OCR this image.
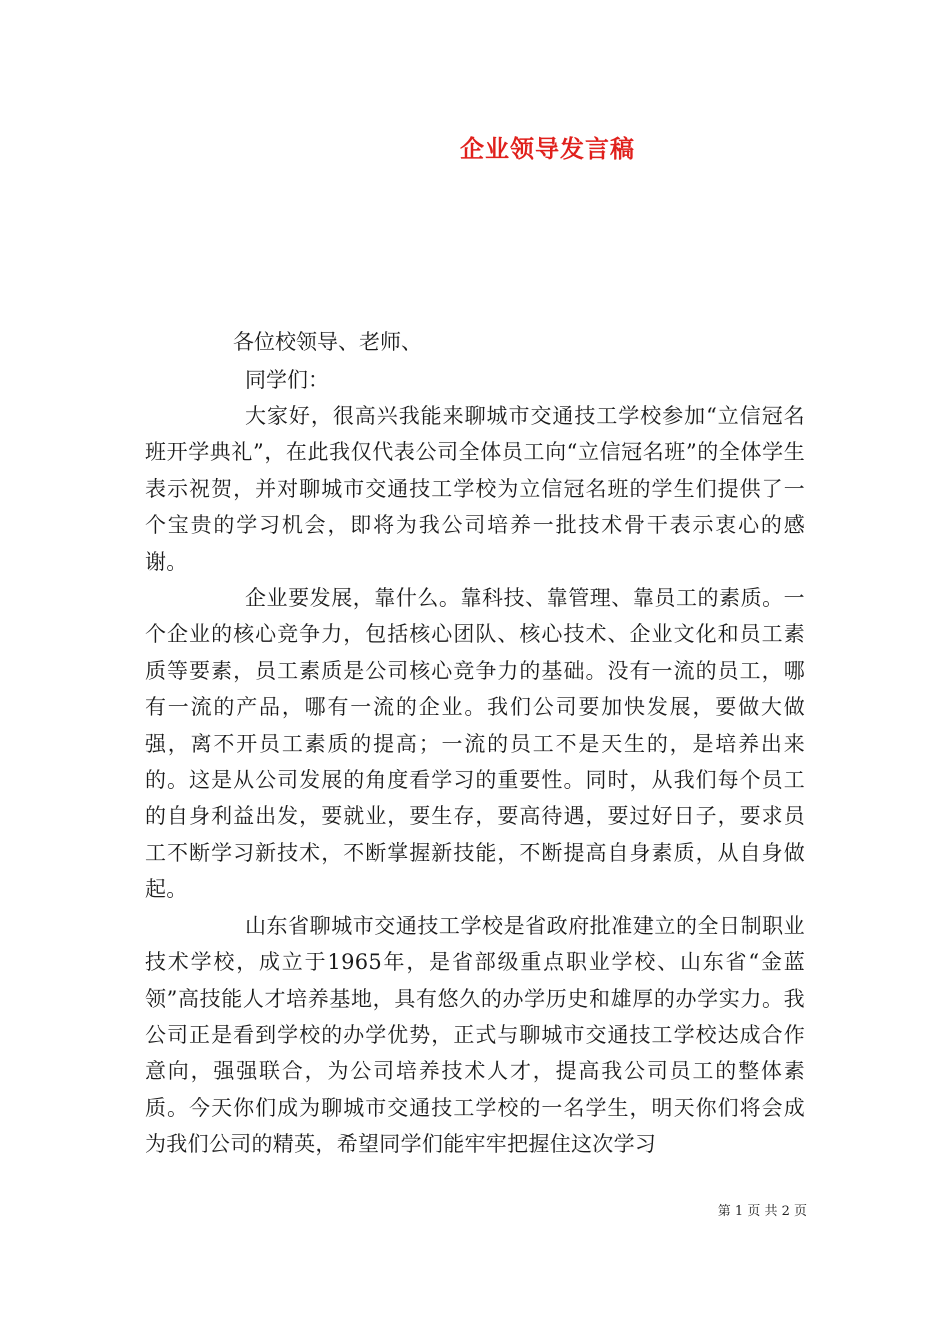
企业领导发言稿
各位校领导、老师、
同学们：

大家好，很高兴我能来聊城市交通技工学校参加“立信冠名班开学典礼”，在此我仅代表公司全体员工向“立信冠名班”的全体学生表示祝贺，并对聊城市交通技工学校为立信冠名班的学生们提供了一个宝贵的学习机会，即将为我公司培养一批技术骨干表示衷心的感谢。

企业要发展，靠什么。靠科技、靠管理、靠员工的素质。一个企业的核心竞争力，包括核心团队、核心技术、企业文化和员工素质等要素，员工素质是公司核心竞争力的基础。没有一流的员工，哪有一流的产品，哪有一流的企业。我们公司要加快发展，要做大做强，离不开员工素质的提高；一流的员工不是天生的，是培养出来的。这是从公司发展的角度看学习的重要性。同时，从我们每个员工的自身利益出发，要就业，要生存，要高待遇，要过好日子，要求员工不断学习新技术，不断掌握新技能，不断提高自身素质，从自身做起。

山东省聊城市交通技工学校是省政府批准建立的全日制职业技术学校，成立于1965年，是省部级重点职业学校、山东省“金蓝领”高技能人才培养基地，具有悠久的办学历史和雄厚的办学实力。我公司正是看到学校的办学优势，正式与聊城市交通技工学校达成合作意向，强强联合，为公司培养技术人才，提高我公司员工的整体素质。今天你们成为聊城市交通技工学校的一名学生，明天你们将会成为我们公司的精英，希望同学们能牢牢把握住这次学习

第 1 页 共 2 页
